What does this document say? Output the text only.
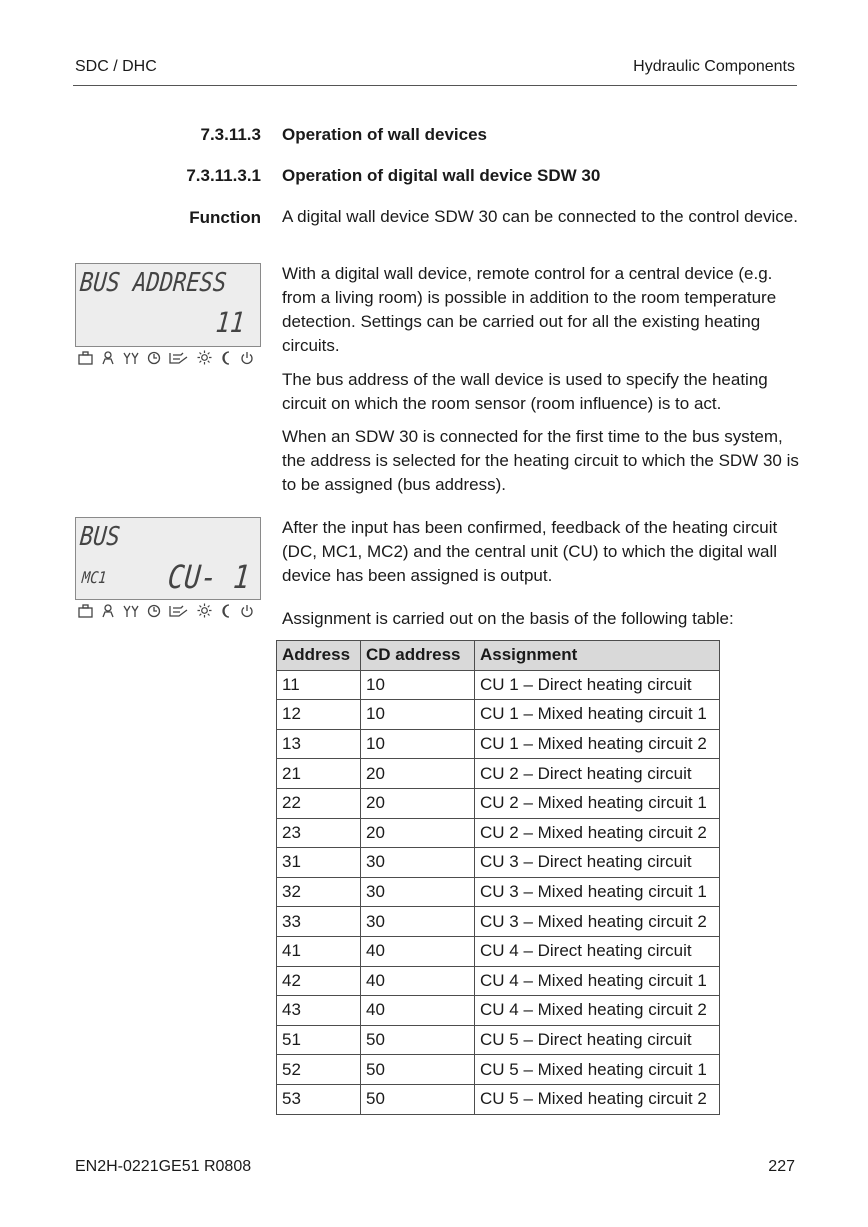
SDC / DHC	Hydraulic Components
7.3.11.3 Operation of wall devices
7.3.11.3.1 Operation of digital wall device SDW 30
Function A digital wall device SDW 30 can be connected to the control device.

With a digital wall device, remote control for a central device (e.g. from a living room) is possible in addition to the room temperature detection. Settings can be carried out for all the existing heating circuits.

The bus address of the wall device is used to specify the heating circuit on which the room sensor (room influence) is to act.

When an SDW 30 is connected for the first time to the bus system, the address is selected for the heating circuit to which the SDW 30 is to be assigned (bus address).

After the input has been confirmed, feedback of the heating circuit (DC, MC1, MC2) and the central unit (CU) to which the digital wall device has been assigned is output.

Assignment is carried out on the basis of the following table:

BUS ADDRESS
11
BUS
MC1 CU- 1
Address	CD address	Assignment
11	10	CU 1 – Direct heating circuit
12	10	CU 1 – Mixed heating circuit 1
13	10	CU 1 – Mixed heating circuit 2
21	20	CU 2 – Direct heating circuit
22	20	CU 2 – Mixed heating circuit 1
23	20	CU 2 – Mixed heating circuit 2
31	30	CU 3 – Direct heating circuit
32	30	CU 3 – Mixed heating circuit 1
33	30	CU 3 – Mixed heating circuit 2
41	40	CU 4 – Direct heating circuit
42	40	CU 4 – Mixed heating circuit 1
43	40	CU 4 – Mixed heating circuit 2
51	50	CU 5 – Direct heating circuit
52	50	CU 5 – Mixed heating circuit 1
53	50	CU 5 – Mixed heating circuit 2
EN2H-0221GE51 R0808	227
